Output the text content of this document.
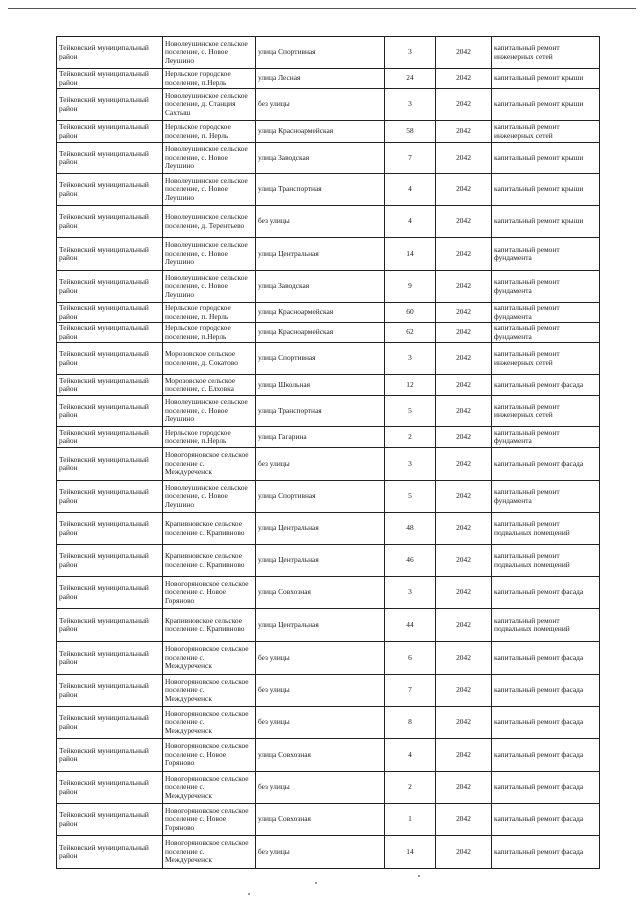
Тейковский муниципальный район	Новолеушинское сельское поселение, с. Новое Леушино	улица Спортивная	3	2042	капитальный ремонт инженерных сетей
Тейковский муниципальный район	Нерльское городское поселение, п.Нерль	улица Лесная	24	2042	капитальный ремонт крыши
Тейковский муниципальный район	Новолеушинское сельское поселение, д. Станция Сахтыш	без улицы	3	2042	капитальный ремонт крыши
Тейковский муниципальный район	Нерльское городское поселение, п. Нерль	улица Красноармейская	58	2042	капитальный ремонт инженерных сетей
Тейковский муниципальный район	Новолеушинское сельское поселение, с. Новое Леушино	улица Заводская	7	2042	капитальный ремонт крыши
Тейковский муниципальный район	Новолеушинское сельское поселение, с. Новое Леушино	улица Транспортная	4	2042	капитальный ремонт крыши
Тейковский муниципальный район	Новолеушинское сельское поселение, д. Терентьево	без улицы	4	2042	капитальный ремонт крыши
Тейковский муниципальный район	Новолеушинское сельское поселение, с. Новое Леушино	улица Центральная	14	2042	капитальный ремонт фундамента
Тейковский муниципальный район	Новолеушинское сельское поселение, с. Новое Леушино	улица Заводская	9	2042	капитальный ремонт фундамента
Тейковский муниципальный район	Нерльское городское поселение, п. Нерль	улица Красноармейская	60	2042	капитальный ремонт фундамента
Тейковский муниципальный район	Нерльское городское поселение, п.Нерль	улица Красноармейская	62	2042	капитальный ремонт фундамента
Тейковский муниципальный район	Морозовское сельское поселение, д. Сокатово	улица Спортивная	3	2042	капитальный ремонт инженерных сетей
Тейковский муниципальный район	Морозовское сельское поселение, с. Елховка	улица Школьная	12	2042	капитальный ремонт фасада
Тейковский муниципальный район	Новолеушинское сельское поселение, с. Новое Леушино	улица Транспортная	5	2042	капитальный ремонт инженерных сетей
Тейковский муниципальный район	Нерльское городское поселение, п.Нерль	улица Гагарина	2	2042	капитальный ремонт фундамента
Тейковский муниципальный район	Новогоряновское сельское поселение с. Междуреченск	без улицы	3	2042	капитальный ремонт фасада
Тейковский муниципальный район	Новолеушинское сельское поселение, с. Новое Леушино	улица Спортивная	5	2042	капитальный ремонт фундамента
Тейковский муниципальный район	Крапивновское сельское поселение с. Крапивново	улица Центральная	48	2042	капитальный ремонт подвальных помещений
Тейковский муниципальный район	Крапивновское сельское поселение с. Крапивново	улица Центральная	46	2042	капитальный ремонт подвальных помещений
Тейковский муниципальный район	Новогоряновское сельское поселение с. Новое Горяново	улица Совхозная	3	2042	капитальный ремонт фасада
Тейковский муниципальный район	Крапивновское сельское поселение с. Крапивново	улица Центральная	44	2042	капитальный ремонт подвальных помещений
Тейковский муниципальный район	Новогоряновское сельское поселение с. Междуреченск	без улицы	6	2042	капитальный ремонт фасада
Тейковский муниципальный район	Новогоряновское сельское поселение с. Междуреченск	без улицы	7	2042	капитальный ремонт фасада
Тейковский муниципальный район	Новогоряновское сельское поселение с. Междуреченск	без улицы	8	2042	капитальный ремонт фасада
Тейковский муниципальный район	Новогоряновское сельское поселение с. Новое Горяново	улица Совхозная	4	2042	капитальный ремонт фасада
Тейковский муниципальный район	Новогоряновское сельское поселение с. Междуреченск	без улицы	2	2042	капитальный ремонт фасада
Тейковский муниципальный район	Новогоряновское сельское поселение с. Новое Горяново	улица Совхозная	1	2042	капитальный ремонт фасада
Тейковский муниципальный район	Новогоряновское сельское поселение с. Междуреченск	без улицы	14	2042	капитальный ремонт фасада
